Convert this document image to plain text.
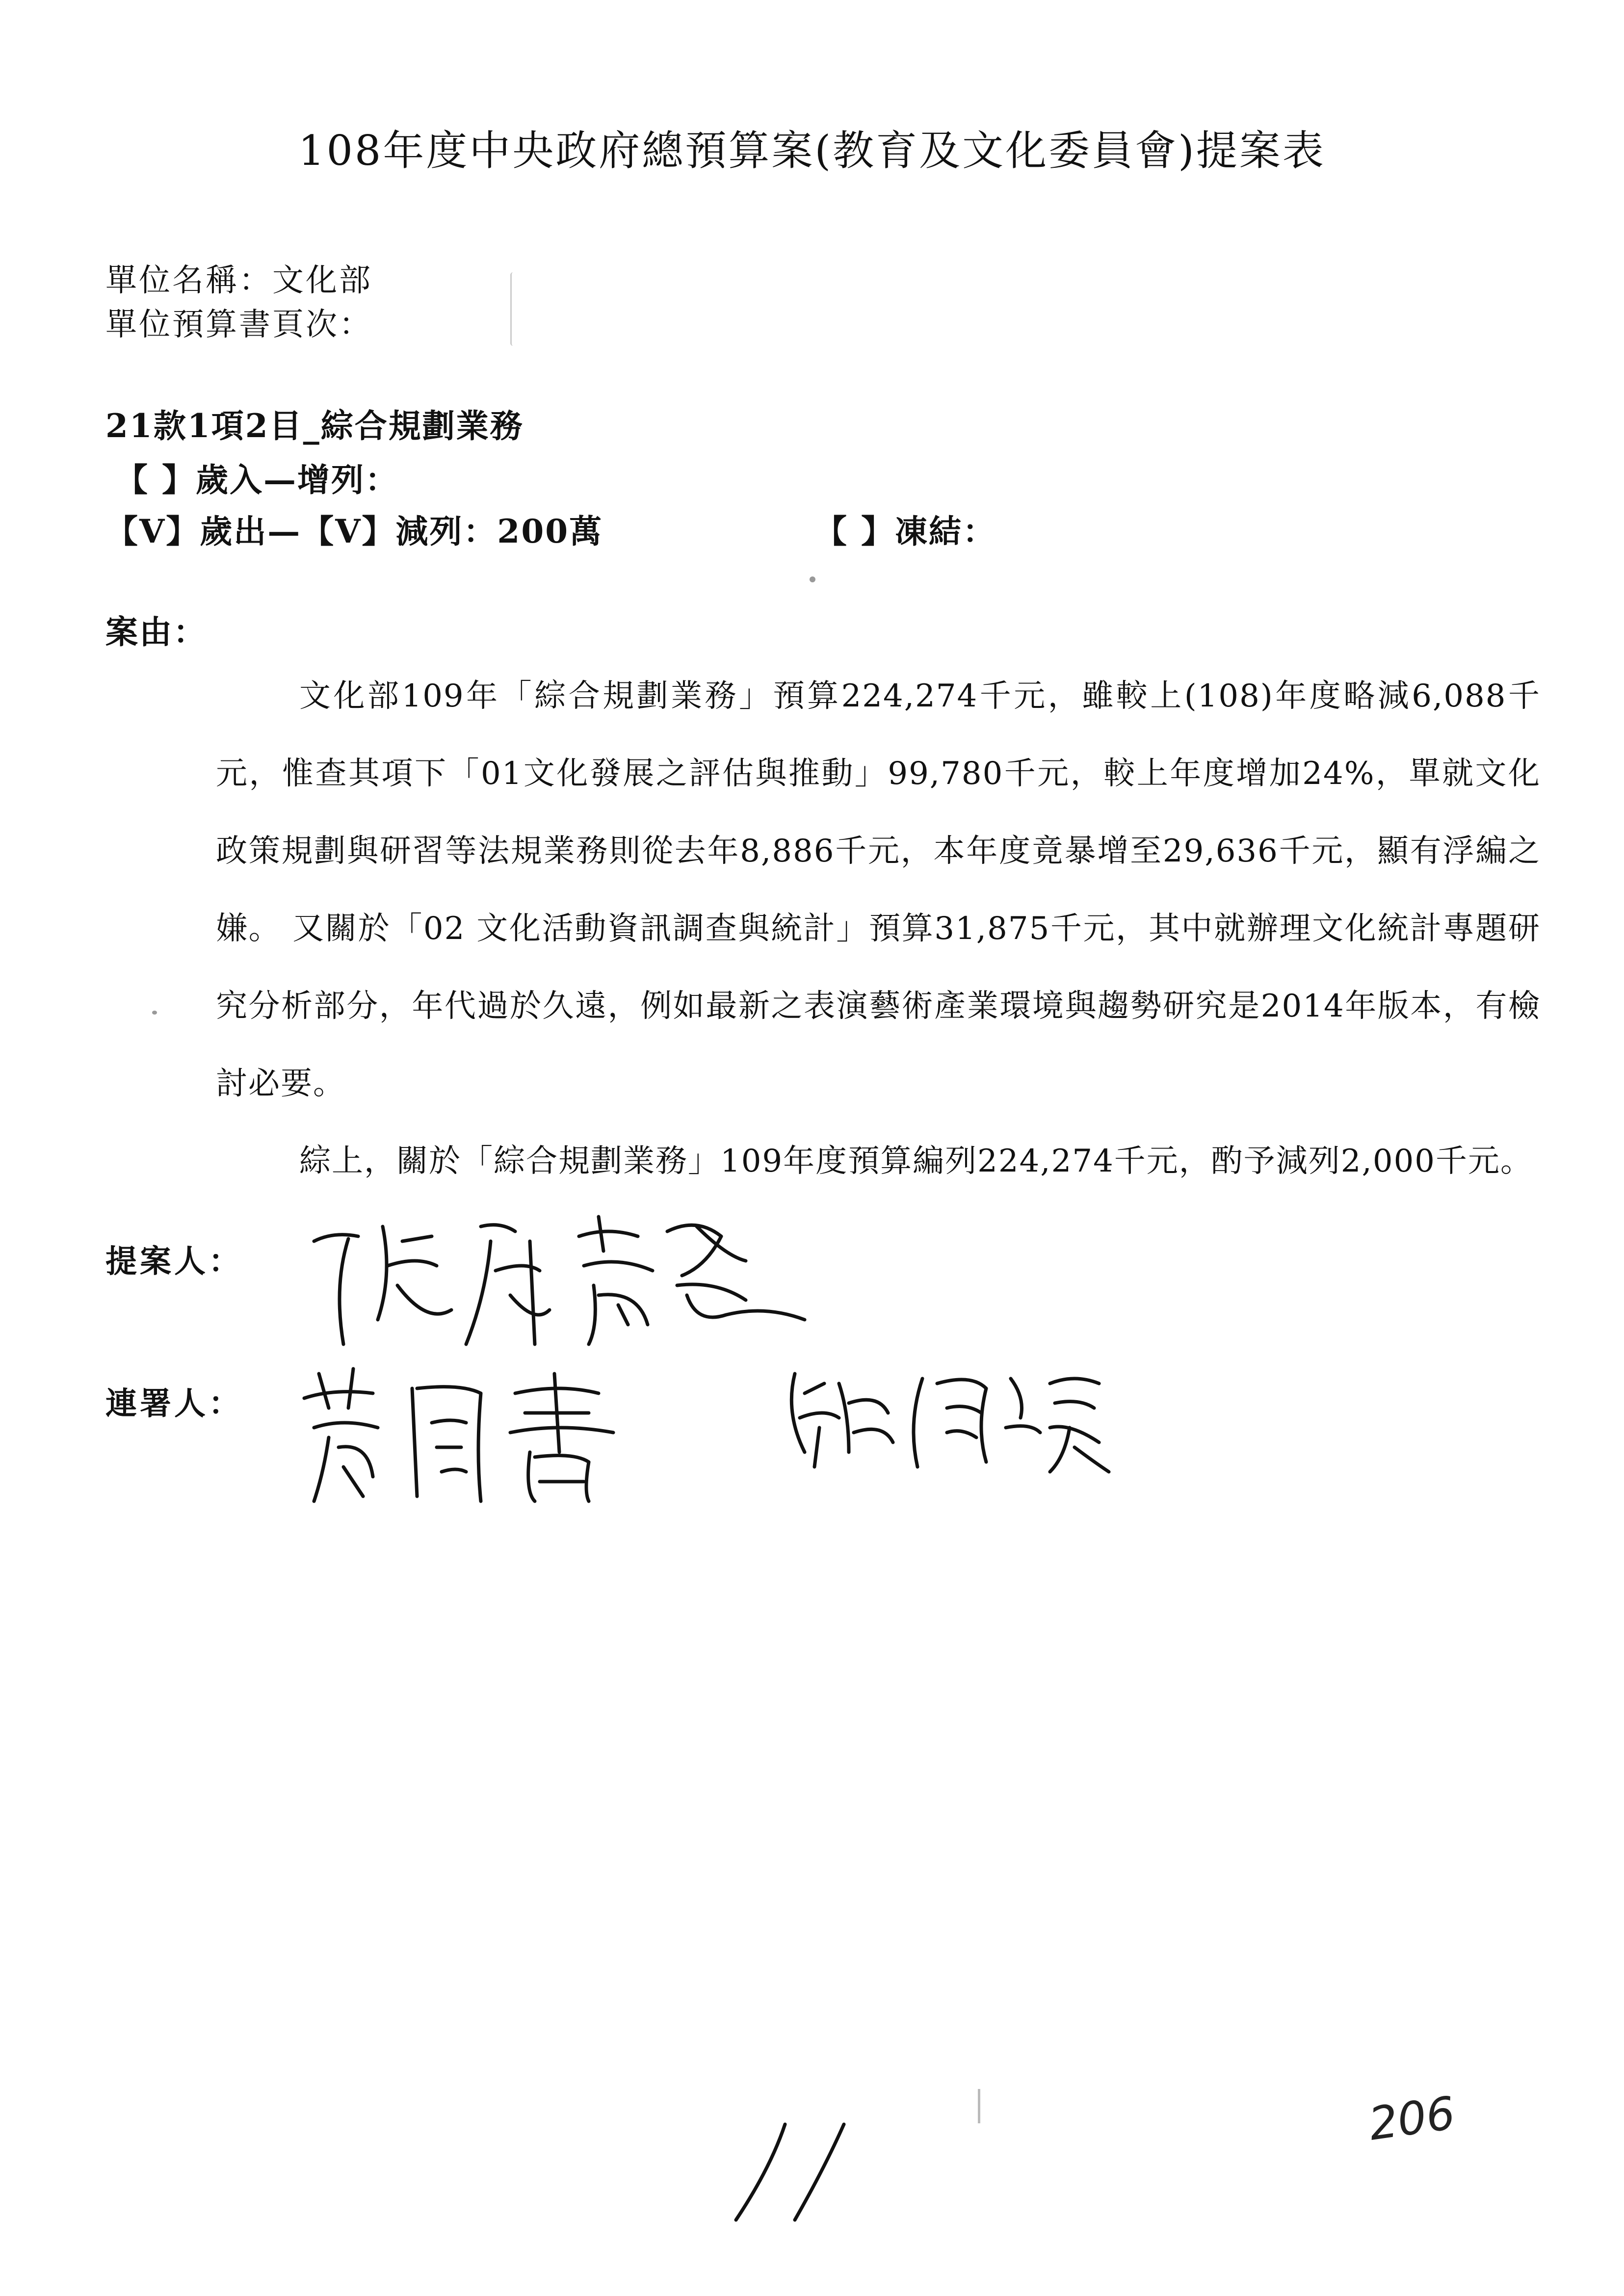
108年度中央政府總預算案(教育及文化委員會)提案表
單位名稱：文化部
單位預算書頁次：
21款1項2目_綜合規劃業務
【 】歲入—增列：
【V】歲出—【V】減列：200萬	【 】凍結：
案由：

文化部109年「綜合規劃業務」預算224,274千元，雖較上(108)年度略減6,088千元，惟查其項下「01文化發展之評估與推動」99,780千元，較上年度增加24%，單就文化政策規劃與研習等法規業務則從去年8,886千元，本年度竟暴增至29,636千元，顯有浮編之嫌。 又關於「02 文化活動資訊調查與統計」預算31,875千元，其中就辦理文化統計專題研究分析部分，年代過於久遠，例如最新之表演藝術產業環境與趨勢研究是2014年版本，有檢討必要。

綜上，關於「綜合規劃業務」109年度預算編列224,274千元，酌予減列2,000千元。

提案人：
連署人：
206
